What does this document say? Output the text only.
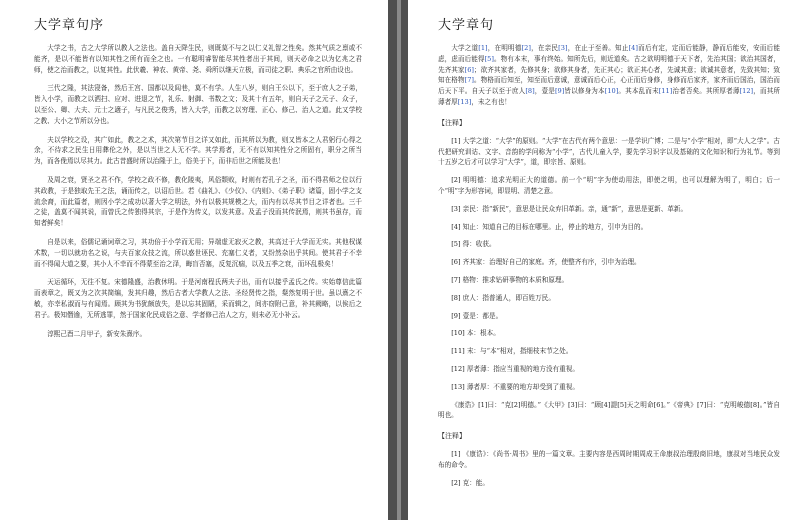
大学章句序

大学之书，古之大学所以教人之法也。盖自天降生民，则既莫不与之以仁义礼智之性矣。然其气质之禀或不能齐，是以不能皆有以知其性之所有而全之也。一有聪明睿智能尽其性者出于其间，则天必命之以为亿兆之君师，使之治而教之，以复其性。此伏羲、神农、黄帝、尧、舜所以继天立极，而司徒之职、典乐之官所由设也。

三代之隆，其法寖备，然后王宫、国都以及闾巷，莫不有学。人生八岁，则自王公以下，至于庶人之子弟，皆入小学，而教之以洒扫、应对、进退之节，礼乐、射御、书数之文；及其十有五年，则自天子之元子、众子，以至公、卿、大夫、元士之適子，与凡民之俊秀，皆入大学，而教之以穷理、正心、修己、治人之道。此又学校之教、大小之节所以分也。

夫以学校之设，其广如此，教之之术，其次第节目之详又如此，而其所以为教，则又皆本之人君躬行心得之余，不待求之民生日用彝伦之外，是以当世之人无不学。其学焉者，无不有以知其性分之所固有，职分之所当为，而各俛焉以尽其力。此古昔盛时所以治隆于上，俗美于下，而非后世之所能及也！

及周之衰，贤圣之君不作，学校之政不修，教化陵夷，风俗颓败，时则有若孔子之圣，而不得君师之位以行其政教，于是独取先王之法，诵而传之，以诏后世。若《曲礼》、《少仪》、《内则》、《弟子职》诸篇，固小学之支流余裔，而此篇者，则因小学之成功以著大学之明法，外有以极其规模之大，而内有以尽其节目之详者也。三千之徒，盖莫不闻其说，而曾氏之传独得其宗，于是作为传义，以发其意。及孟子没而其传泯焉，则其书虽存，而知者鲜矣！

自是以来，俗儒记诵词章之习，其功倍于小学而无用；异端虚无寂灭之教，其高过于大学而无实。其他权谋术数，一切以就功名之说，与夫百家众技之流，所以惑世诬民、充塞仁义者，又纷然杂出乎其间。使其君子不幸而不得闻大道之要，其小人不幸而不得蒙至治之泽，晦盲否塞，反复沉痼，以及五季之衰，而坏乱极矣！

天运循环，无往不复。宋德隆盛，治教休明。于是河南程氏两夫子出，而有以接乎孟氏之传。实始尊信此篇而表章之，既又为之次其简编，发其归趣，然后古者大学教人之法、圣经贤传之指，粲然复明于世。虽以熹之不敏，亦幸私淑而与有闻焉。顾其为书犹颇放失，是以忘其固陋，采而辑之，间亦窃附己意，补其阙略，以俟后之君子。极知僭逾，无所逃罪，然于国家化民成俗之意、学者修己治人之方，则未必无小补云。

淳熙己酉二月甲子，新安朱熹序。

大学章句

大学之道[1]，在明明德[2]，在亲民[3]，在止于至善。知止[4]而后有定，定而后能静，静而后能安，安而后能虑，虑而后能得[5]。物有本末，事有终始。知所先后，则近道矣。古之欲明明德于天下者，先治其国；欲治其国者，先齐其家[6]；欲齐其家者，先修其身；欲修其身者，先正其心；欲正其心者，先诚其意；欲诚其意者，先致其知；致知在格物[7]。物格而后知至，知至而后意诚，意诚而后心正，心正而后身修，身修而后家齐，家齐而后国治，国治而后天下平。自天子以至于庶人[8]，壹是[9]皆以修身为本[10]。其本乱而末[11]治者否矣。其所厚者薄[12]，而其所薄者厚[13]，未之有也！

【注释】

[1] 大学之道：“大学”的原则。“大学”在古代有两个意思：一是学识广博；二是与“小学”相对，即“大人之学”。古代把研究训诂、文字、音韵的学问称为“小学”，古代儿童入学，要先学习识字以及基础的文化知识和行为礼节。等到十五岁之后才可以学习“大学”，道，即宗旨、原则。

[2] 明明德：追求光明正大的道德。前一个“明”字为使动用法，即使之明，也可以理解为明了，明白；后一个“明”字为形容词，即显明、清楚之意。

[3] 亲民：指“新民”，意思是让民众弃旧革新。亲，通“新”，意思是更新、革新。

[4] 知止：知道自己的目标在哪里。止，停止的地方，引申为目的。

[5] 得：收获。

[6] 齐其家：治理好自己的家庭。齐，使整齐有序，引申为治理。

[7] 格物：推求钻研事物的本质和原理。

[8] 庶人：指普通人，即百姓万民。

[9] 壹是：都是。

[10] 本：根本。

[11] 末：与“本”相对，指细枝末节之处。

[12] 厚者薄：指应当重视的地方没有重视。

[13] 薄者厚：不重要的地方却受到了重视。

《康诰》[1]曰：“克[2]明德。”《大甲》[3]曰：“顾[4]諟[5]天之明命[6]。”《帝典》[7]曰：“克明峻德[8]。”皆自明也。

【注释】

[1] 《康诰》：《尚书·周书》里的一篇文章。主要内容是西周时期周成王命康叔治理殷商旧地，康叔对当地民众发布的命令。

[2] 克：能。
